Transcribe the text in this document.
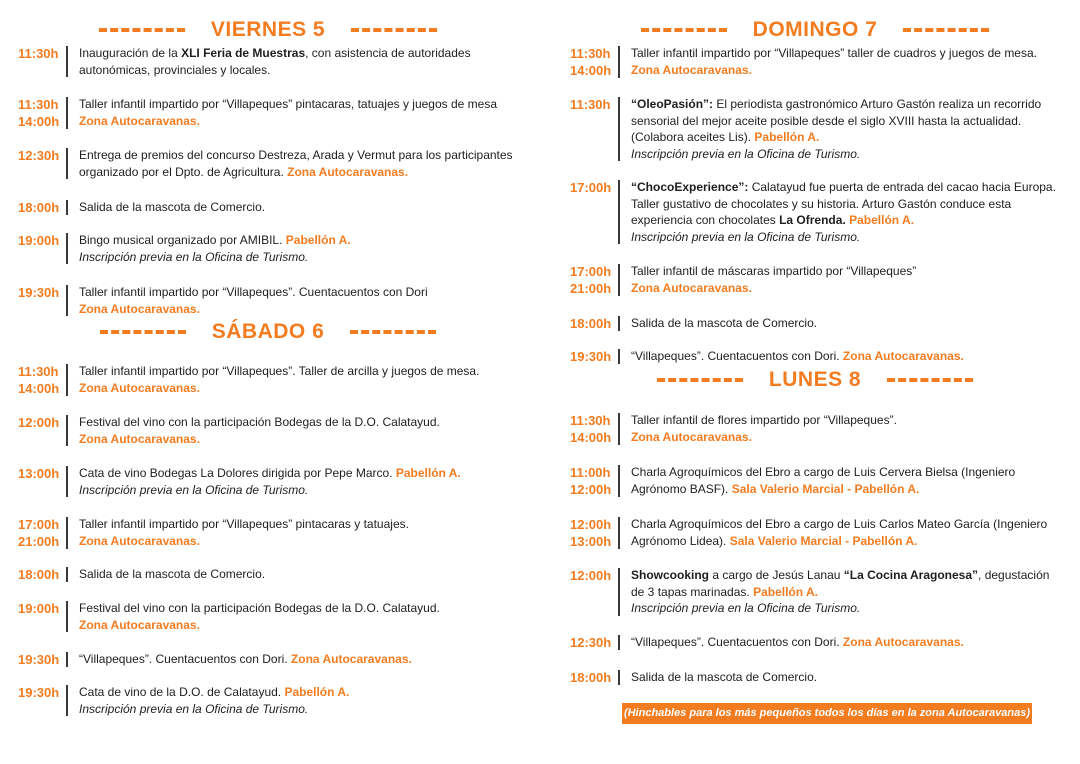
VIERNES 5
11:30h Inauguración de la XLI Feria de Muestras, con asistencia de autoridades autonómicas, provinciales y locales.
11:30h
14:00h
Taller infantil impartido por “Villapeques” pintacaras, tatuajes y juegos de mesa
Zona Autocaravanas.
12:30h Entrega de premios del concurso Destreza, Arada y Vermut para los participantes organizado por el Dpto. de Agricultura. Zona Autocaravanas.
18:00h Salida de la mascota de Comercio.
19:00h Bingo musical organizado por AMIBIL. Pabellón A.
Inscripción previa en la Oficina de Turismo.
19:30h Taller infantil impartido por “Villapeques”. Cuentacuentos con Dori
Zona Autocaravanas.
SÁBADO 6
11:30h
14:00h
Taller infantil impartido por “Villapeques”. Taller de arcilla y juegos de mesa.
Zona Autocaravanas.
12:00h Festival del vino con la participación Bodegas de la D.O. Calatayud.
Zona Autocaravanas.
13:00h Cata de vino Bodegas La Dolores dirigida por Pepe Marco. Pabellón A.
Inscripción previa en la Oficina de Turismo.
17:00h
21:00h
Taller infantil impartido por “Villapeques” pintacaras y tatuajes.
Zona Autocaravanas.
18:00h Salida de la mascota de Comercio.
19:00h Festival del vino con la participación Bodegas de la D.O. Calatayud.
Zona Autocaravanas.
19:30h “Villapeques”. Cuentacuentos con Dori. Zona Autocaravanas.
19:30h Cata de vino de la D.O. de Calatayud. Pabellón A.
Inscripción previa en la Oficina de Turismo.
DOMINGO 7
11:30h
14:00h
Taller infantil impartido por “Villapeques” taller de cuadros y juegos de mesa.
Zona Autocaravanas.
11:30h “OleoPasión”: El periodista gastronómico Arturo Gastón realiza un recorrido sensorial del mejor aceite posible desde el siglo XVIII hasta la actualidad. (Colabora aceites Lis). Pabellón A.
Inscripción previa en la Oficina de Turismo.
17:00h “ChocoExperience”: Calatayud fue puerta de entrada del cacao hacia Europa. Taller gustativo de chocolates y su historia. Arturo Gastón conduce esta experiencia con chocolates La Ofrenda. Pabellón A.
Inscripción previa en la Oficina de Turismo.
17:00h
21:00h
Taller infantil de máscaras impartido por “Villapeques”
Zona Autocaravanas.
18:00h Salida de la mascota de Comercio.
19:30h “Villapeques”. Cuentacuentos con Dori. Zona Autocaravanas.
LUNES 8
11:30h
14:00h
Taller infantil de flores impartido por “Villapeques”.
Zona Autocaravanas.
11:00h
12:00h
Charla Agroquímicos del Ebro a cargo de Luis Cervera Bielsa (Ingeniero Agrónomo BASF). Sala Valerio Marcial - Pabellón A.
12:00h
13:00h
Charla Agroquímicos del Ebro a cargo de Luis Carlos Mateo García (Ingeniero Agrónomo Lidea). Sala Valerio Marcial - Pabellón A.
12:00h Showcooking a cargo de Jesús Lanau “La Cocina Aragonesa”, degustación de 3 tapas marinadas. Pabellón A.
Inscripción previa en la Oficina de Turismo.
12:30h “Villapeques”. Cuentacuentos con Dori. Zona Autocaravanas.
18:00h Salida de la mascota de Comercio.
(Hinchables para los más pequeños todos los días en la zona Autocaravanas)
